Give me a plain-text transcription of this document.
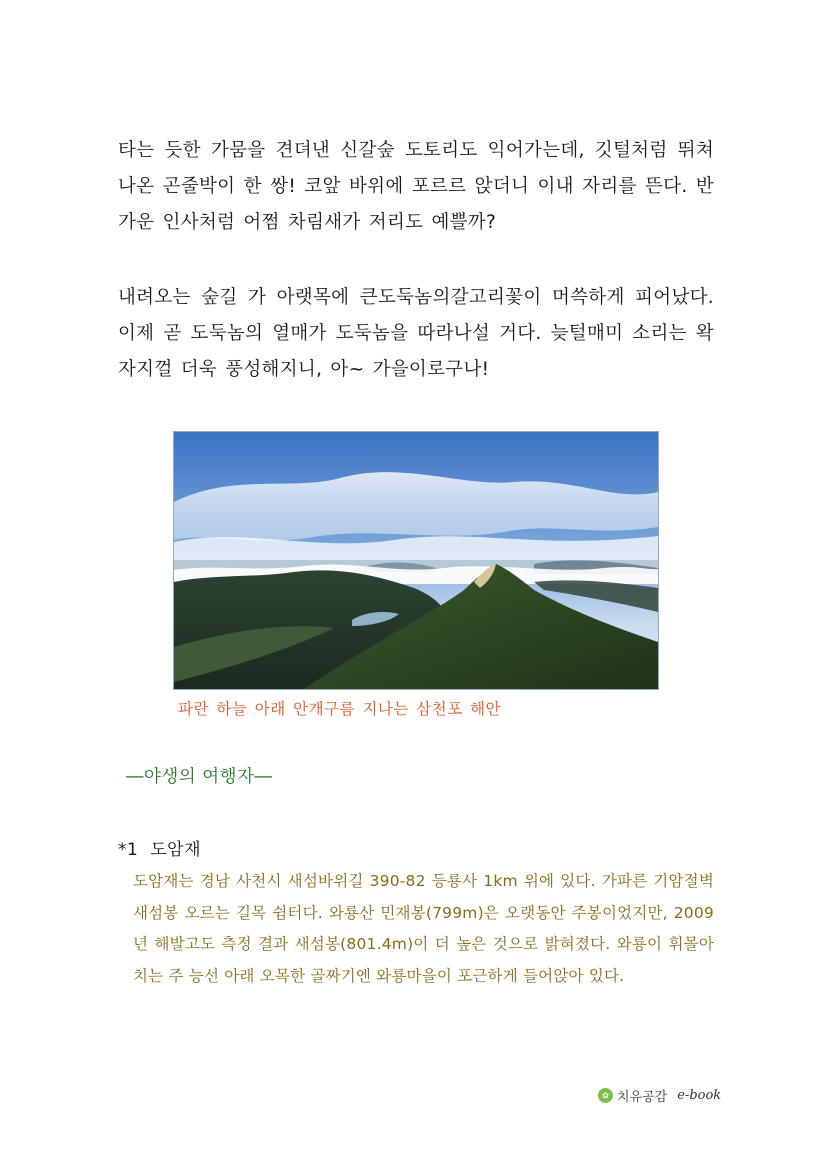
타는 듯한 가뭄을 견뎌낸 신갈숲 도토리도 익어가는데, 깃털처럼 뛰쳐나온 곤줄박이 한 쌍! 코앞 바위에 포르르 앉더니 이내 자리를 뜬다. 반가운 인사처럼 어쩜 차림새가 저리도 예쁠까?

내려오는 숲길 가 아랫목에 큰도둑놈의갈고리꽃이 머쓱하게 피어났다. 이제 곧 도둑놈의 열매가 도둑놈을 따라나설 거다. 늦털매미 소리는 왁자지껄 더욱 풍성해지니, 아~ 가을이로구나!

파란 하늘 아래 안개구름 지나는 삼천포 해안
―야생의 여행자―
*1 도암재

도암재는 경남 사천시 새섬바위길 390-82 등룡사 1km 위에 있다. 가파른 기암절벽 새섬봉 오르는 길목 쉼터다. 와룡산 민재봉(799m)은 오랫동안 주봉이었지만, 2009년 해발고도 측정 결과 새섬봉(801.4m)이 더 높은 것으로 밝혀졌다. 와룡이 휘몰아치는 주 능선 아래 오목한 골짜기엔 와룡마을이 포근하게 들어앉아 있다.

✿ 치유공감 e-book
